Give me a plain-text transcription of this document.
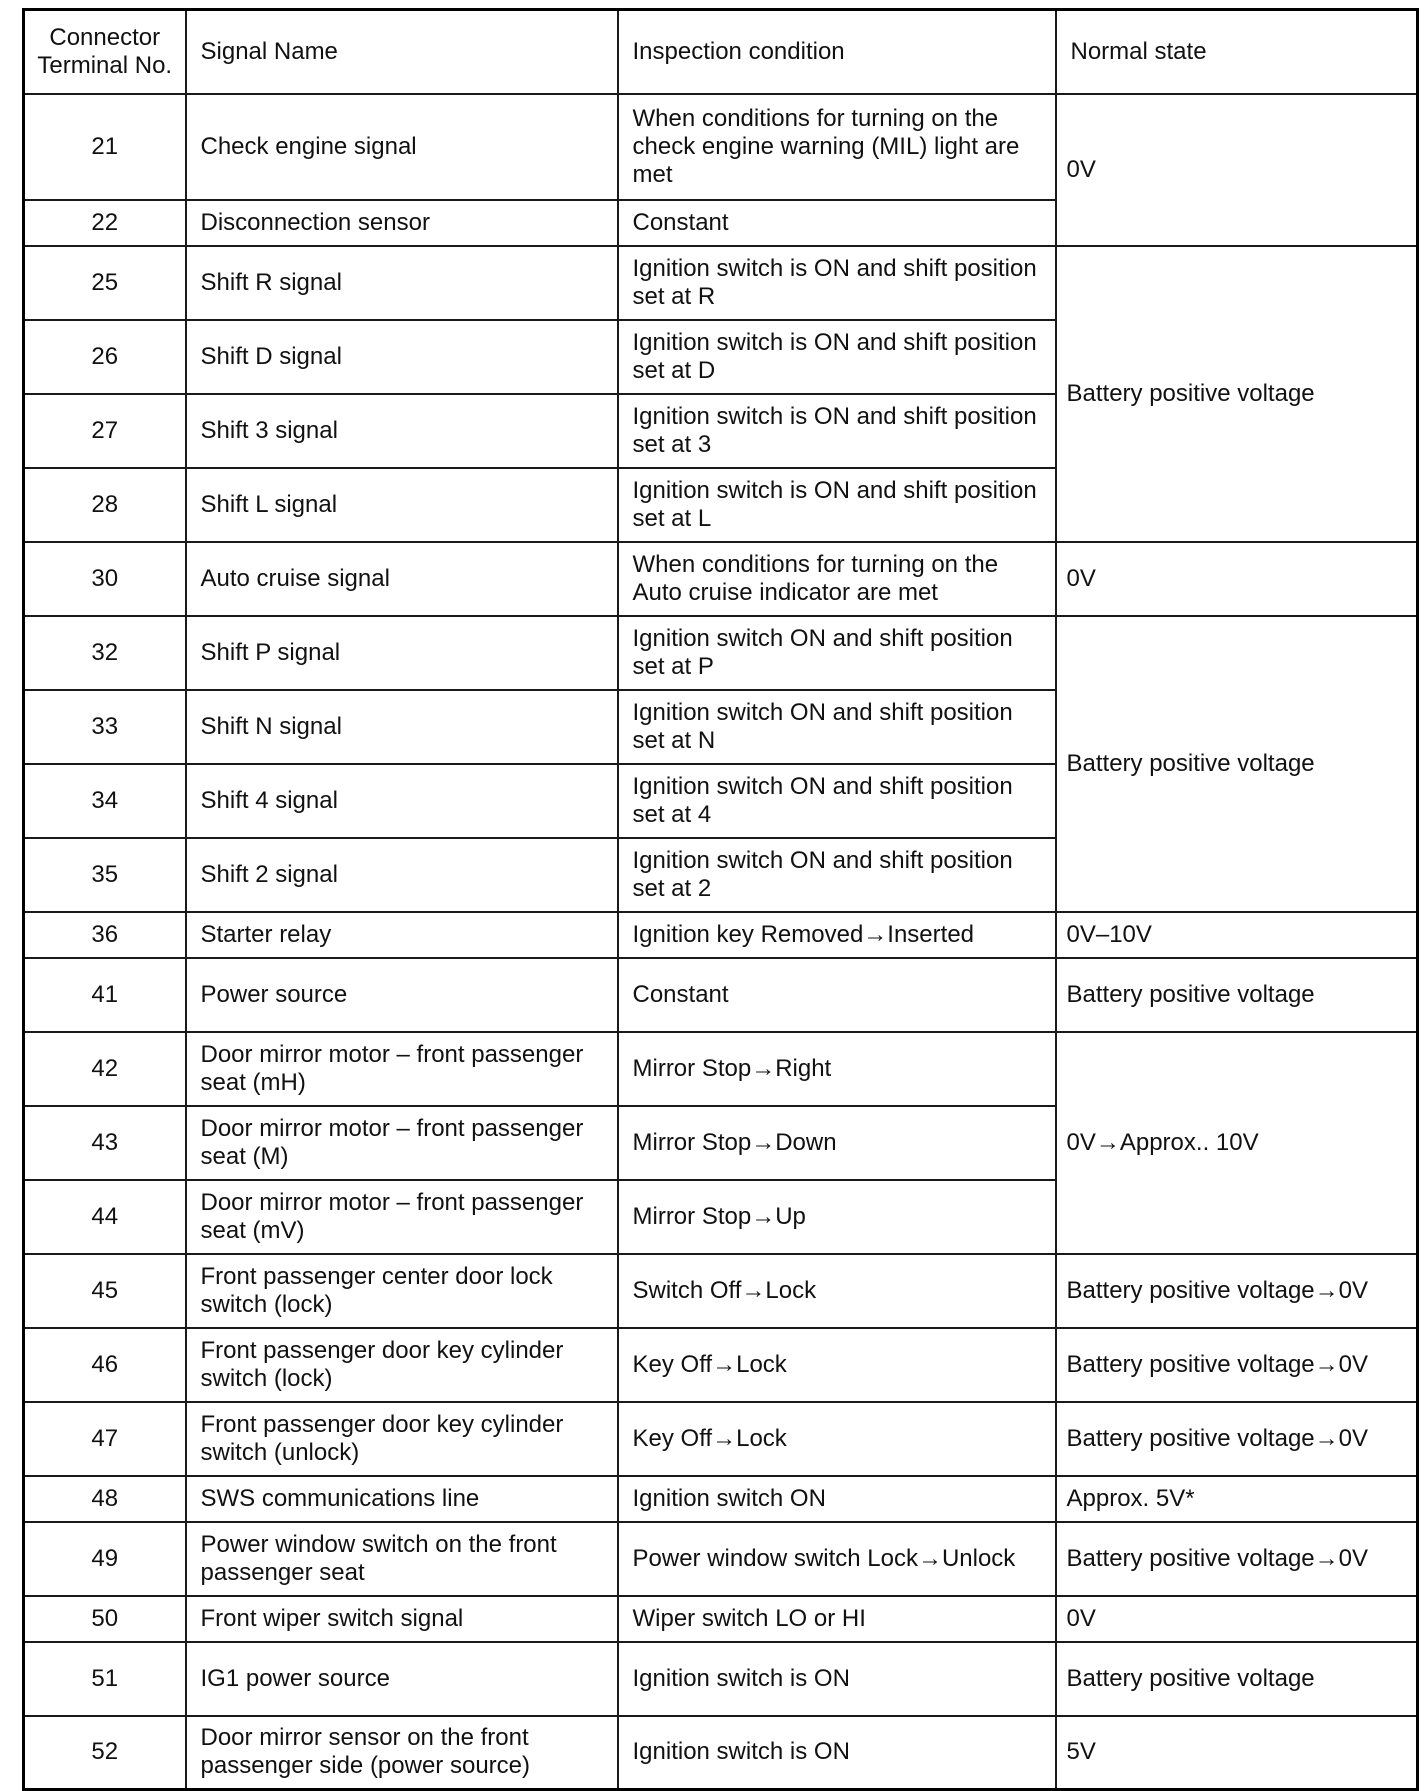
Connector Terminal No.	Signal Name	Inspection condition	Normal state
21	Check engine signal	When conditions for turning on the check engine warning (MIL) light are met	0V
22	Disconnection sensor	Constant	
25	Shift R signal	Ignition switch is ON and shift position set at R	Battery positive voltage
26	Shift D signal	Ignition switch is ON and shift position set at D	
27	Shift 3 signal	Ignition switch is ON and shift position set at 3	
28	Shift L signal	Ignition switch is ON and shift position set at L	
30	Auto cruise signal	When conditions for turning on the Auto cruise indicator are met	0V
32	Shift P signal	Ignition switch ON and shift position set at P	Battery positive voltage
33	Shift N signal	Ignition switch ON and shift position set at N	
34	Shift 4 signal	Ignition switch ON and shift position set at 4	
35	Shift 2 signal	Ignition switch ON and shift position set at 2	
36	Starter relay	Ignition key Removed→Inserted	0V–10V
41	Power source	Constant	Battery positive voltage
42	Door mirror motor – front passenger seat (mH)	Mirror Stop→Right	0V→Approx.. 10V
43	Door mirror motor – front passenger seat (M)	Mirror Stop→Down	
44	Door mirror motor – front passenger seat (mV)	Mirror Stop→Up	
45	Front passenger center door lock switch (lock)	Switch Off→Lock	Battery positive voltage→0V
46	Front passenger door key cylinder switch (lock)	Key Off→Lock	Battery positive voltage→0V
47	Front passenger door key cylinder switch (unlock)	Key Off→Lock	Battery positive voltage→0V
48	SWS communications line	Ignition switch ON	Approx. 5V*
49	Power window switch on the front passenger seat	Power window switch Lock→Unlock	Battery positive voltage→0V
50	Front wiper switch signal	Wiper switch LO or HI	0V
51	IG1 power source	Ignition switch is ON	Battery positive voltage
52	Door mirror sensor on the front passenger side (power source)	Ignition switch is ON	5V
